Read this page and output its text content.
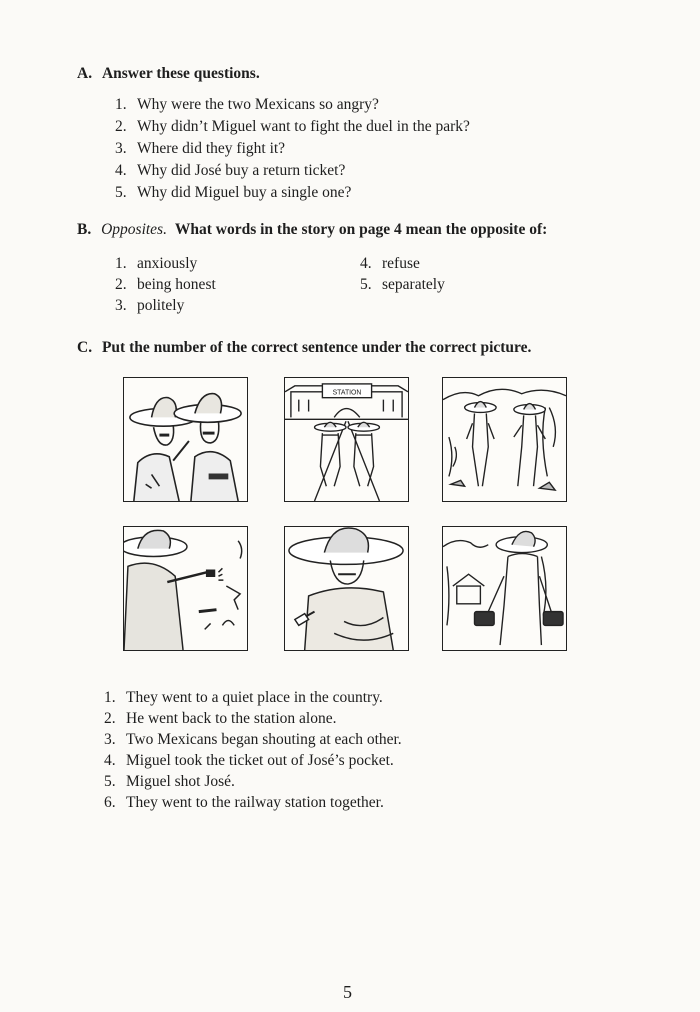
A. Answer these questions.
1. Why were the two Mexicans so angry?
2. Why didn’t Miguel want to fight the duel in the park?
3. Where did they fight it?
4. Why did José buy a return ticket?
5. Why did Miguel buy a single one?
B. Opposites. What words in the story on page 4 mean the opposite of:
1. anxiously
2. being honest
3. politely
4. refuse
5. separately
C. Put the number of the correct sentence under the correct picture.
STATION
1. They went to a quiet place in the country.
2. He went back to the station alone.
3. Two Mexicans began shouting at each other.
4. Miguel took the ticket out of José’s pocket.
5. Miguel shot José.
6. They went to the railway station together.
5
